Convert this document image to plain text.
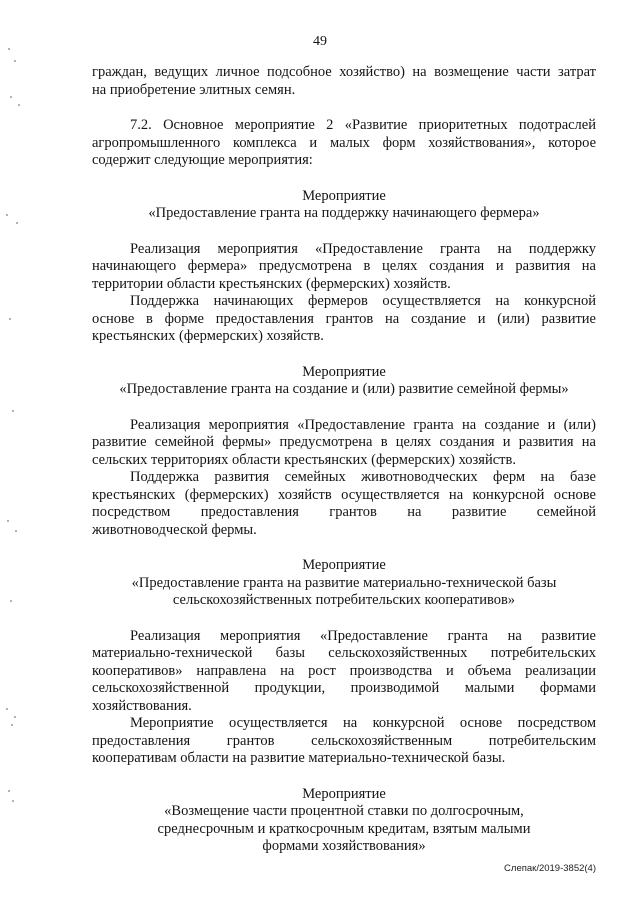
49
граждан, ведущих личное подсобное хозяйство) на возмещение части затрат
на приобретение элитных семян.
7.2. Основное мероприятие 2 «Развитие приоритетных подотраслей
агропромышленного комплекса и малых форм хозяйствования», которое
содержит следующие мероприятия:
Мероприятие
«Предоставление гранта на поддержку начинающего фермера»
Реализация мероприятия «Предоставление гранта на поддержку
начинающего фермера» предусмотрена в целях создания и развития на
территории области крестьянских (фермерских) хозяйств.
Поддержка начинающих фермеров осуществляется на конкурсной
основе в форме предоставления грантов на создание и (или) развитие
крестьянских (фермерских) хозяйств.
Мероприятие
«Предоставление гранта на создание и (или) развитие семейной фермы»
Реализация мероприятия «Предоставление гранта на создание и (или)
развитие семейной фермы» предусмотрена в целях создания и развития на
сельских территориях области крестьянских (фермерских) хозяйств.
Поддержка развития семейных животноводческих ферм на базе
крестьянских (фермерских) хозяйств осуществляется на конкурсной основе
посредством предоставления грантов на развитие семейной
животноводческой фермы.
Мероприятие
«Предоставление гранта на развитие материально-технической базы
сельскохозяйственных потребительских кооперативов»
Реализация мероприятия «Предоставление гранта на развитие
материально-технической базы сельскохозяйственных потребительских
кооперативов» направлена на рост производства и объема реализации
сельскохозяйственной продукции, производимой малыми формами
хозяйствования.
Мероприятие осуществляется на конкурсной основе посредством
предоставления грантов сельскохозяйственным потребительским
кооперативам области на развитие материально-технической базы.
Мероприятие
«Возмещение части процентной ставки по долгосрочным,
среднесрочным и краткосрочным кредитам, взятым малыми
формами хозяйствования»
Слепак/2019-3852(4)
